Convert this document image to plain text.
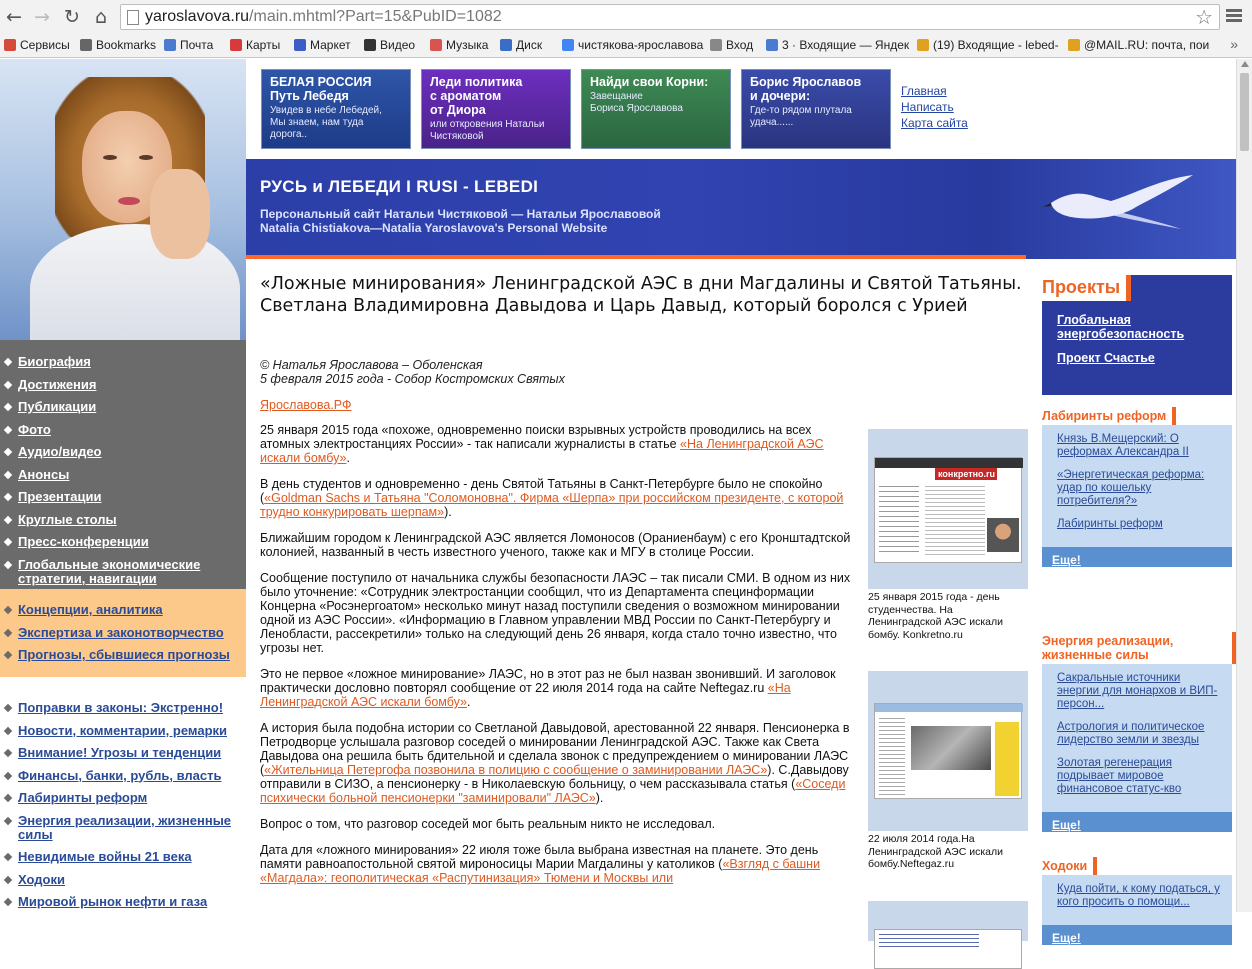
← → ↻ ⌂	yaroslavova.ru/main.mhtml?Part=15&PubID=1082	☆
Сервисы	Bookmarks	Почта	Карты	Маркет	Видео	Музыка	Диск	чистякова-ярославова	Вход	3 · Входящие — Яндек	(19) Входящие - lebed-	@MAIL.RU: почта, пои »
БЕЛАЯ РОССИЯ
Путь Лебедя
Увидев в небе Лебедей,
Мы знаем, нам туда
дорога..
Леди политика
с ароматом
от Диора
или откровения Натальи
Чистяковой
Найди свои Корни:
Завещание
Бориса Ярославова
Борис Ярославов
и дочери:
Где-то рядом плутала
удача......
Главная
Написать
Карта сайта
РУСЬ и ЛЕБЕДИ I RUSI - LEBEDI
Персональный сайт Натальи Чистяковой — Натальи Ярославовой
Natalia Chistiakova—Natalia Yaroslavova's Personal Website
Биография
Достижения
Публикации
Фото
Аудио/видео
Анонсы
Презентации
Круглые столы
Пресс-конференции
Глобальные экономические стратегии, навигации
Концепции, аналитика
Экспертиза и законотворчество
Прогнозы, сбывшиеся прогнозы
Поправки в законы: Экстренно!
Новости, комментарии, ремарки
Внимание! Угрозы и тенденции
Финансы, банки, рубль, власть
Лабиринты реформ
Энергия реализации, жизненные силы
Невидимые войны 21 века
Ходоки
Мировой рынок нефти и газа
«Ложные минирования» Ленинградской АЭС в дни Магдалины и Святой Татьяны. Светлана Владимировна Давыдова и Царь Давыд, который боролся с Урией
© Наталья Ярославова – Оболенская
5 февраля 2015 года - Собор Костромских Святых
Ярославова.РФ

25 января 2015 года «похоже, одновременно поиски взрывных устройств проводились на всех атомных электростанциях России» - так написали журналисты в статье «На Ленинградской АЭС искали бомбу».

В день студентов и одновременно - день Святой Татьяны в Санкт-Петербурге было не спокойно («Goldman Sachs и Татьяна "Соломоновна". Фирма «Шерпа» при российском президенте, с которой трудно конкурировать шерпам»).

Ближайшим городом к Ленинградской АЭС является Ломоносов (Ораниенбаум) с его Кронштадтской колонией, названный в честь известного ученого, также как и МГУ в столице России.

Сообщение поступило от начальника службы безопасности ЛАЭС – так писали СМИ. В одном из них было уточнение: «Сотрудник электростанции сообщил, что из Департамента специнформации Концерна «Росэнергоатом» несколько минут назад поступили сведения о возможном минировании одной из АЭС России». «Информацию в Главном управлении МВД России по Санкт-Петербургу и Ленобласти, рассекретили» только на следующий день 26 января, когда стало точно известно, что угрозы нет.

Это не первое «ложное минирование» ЛАЭС, но в этот раз не был назван звонивший. И заголовок практически дословно повторял сообщение от 22 июля 2014 года на сайте Neftegaz.ru «На Ленинградской АЭС искали бомбу».

А история была подобна истории со Светланой Давыдовой, арестованной 22 января. Пенсионерка в Петродворце услышала разговор соседей о минировании Ленинградской АЭС. Также как Света Давыдова она решила быть бдительной и сделала звонок с предупреждением о минировании ЛАЭС («Жительница Петергофа позвонила в полицию с сообщение о заминировании ЛАЭС»). С.Давыдову отправили в СИЗО, а пенсионерку - в Николаевскую больницу, о чем рассказывала статья («Соседи психически больной пенсионерки "заминировали" ЛАЭС»).

Вопрос о том, что разговор соседей мог быть реальным никто не исследовал.

Дата для «ложного минирования» 22 июля тоже была выбрана известная на планете. Это день памяти равноапостольной святой мироносицы Марии Магдалины у католиков («Взгляд с башни «Магдала»: геополитическая «Распутинизация» Тюмени и Москвы или

конкретно.ru
25 января 2015 года - день студенчества. На Ленинградской АЭС искали бомбу. Konkretno.ru
22 июля 2014 года.На Ленинградской АЭС искали бомбу.Neftegaz.ru
Проекты
Глобальная энергобезопасность
Проект Счастье
Лабиринты реформ
Князь В.Мещерский: О реформах Александра II
«Энергетическая реформа: удар по кошельку потребителя?»
Лабиринты реформ
Еще!
Энергия реализации, жизненные силы
Сакральные источники энергии для монархов и ВИП-персон...
Астрология и политическое лидерство земли и звезды
Золотая регенерация подрывает мировое финансовое статус-кво
Еще!
Ходоки
Куда пойти, к кому податься, у кого просить о помощи...
Еще!
